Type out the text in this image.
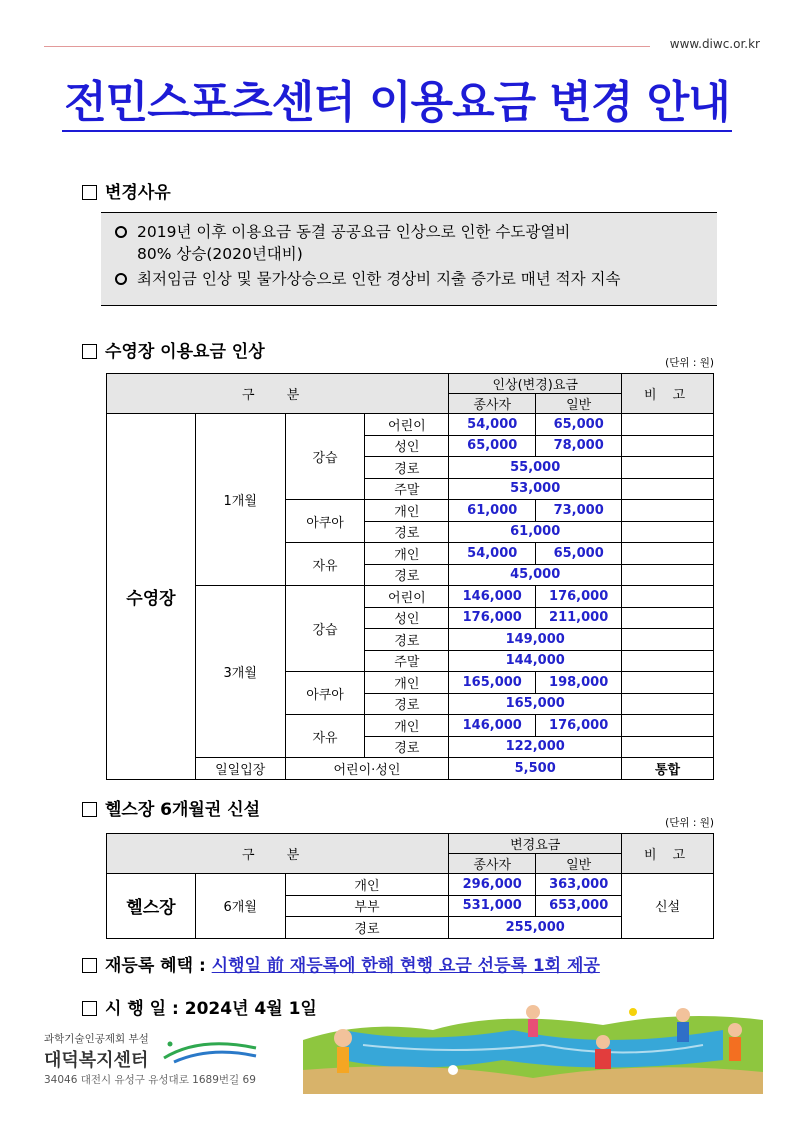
www.diwc.or.kr
전민스포츠센터 이용요금 변경 안내
변경사유
2019년 이후 이용요금 동결 공공요금 인상으로 인한 수도광열비
80% 상승(2020년대비)
최저임금 인상 및 물가상승으로 인한 경상비 지출 증가로 매년 적자 지속
수영장 이용요금 인상
(단위 : 원)
구 분				인상(변경)요금		비 고
				종사자	일반	
수영장	1개월	강습	어린이	54,000	65,000	
			성인	65,000	78,000	
			경로	55,000		
			주말	53,000		
		아쿠아	개인	61,000	73,000	
			경로	61,000		
		자유	개인	54,000	65,000	
			경로	45,000		
	3개월	강습	어린이	146,000	176,000	
			성인	176,000	211,000	
			경로	149,000		
			주말	144,000		
		아쿠아	개인	165,000	198,000	
			경로	165,000		
		자유	개인	146,000	176,000	
			경로	122,000		
	일일입장	어린이·성인		5,500		통합
헬스장 6개월권 신설
(단위 : 원)
구 분			변경요금		비 고
			종사자	일반	
헬스장	6개월	개인	296,000	363,000	신설
		부부	531,000	653,000	
		경로	255,000		
재등록 혜택 : 시행일 前 재등록에 한해 현행 요금 선등록 1회 제공
시 행 일 : 2024년 4월 1일
과학기술인공제회 부설
대덕복지센터
34046 대전시 유성구 유성대로 1689번길 69
